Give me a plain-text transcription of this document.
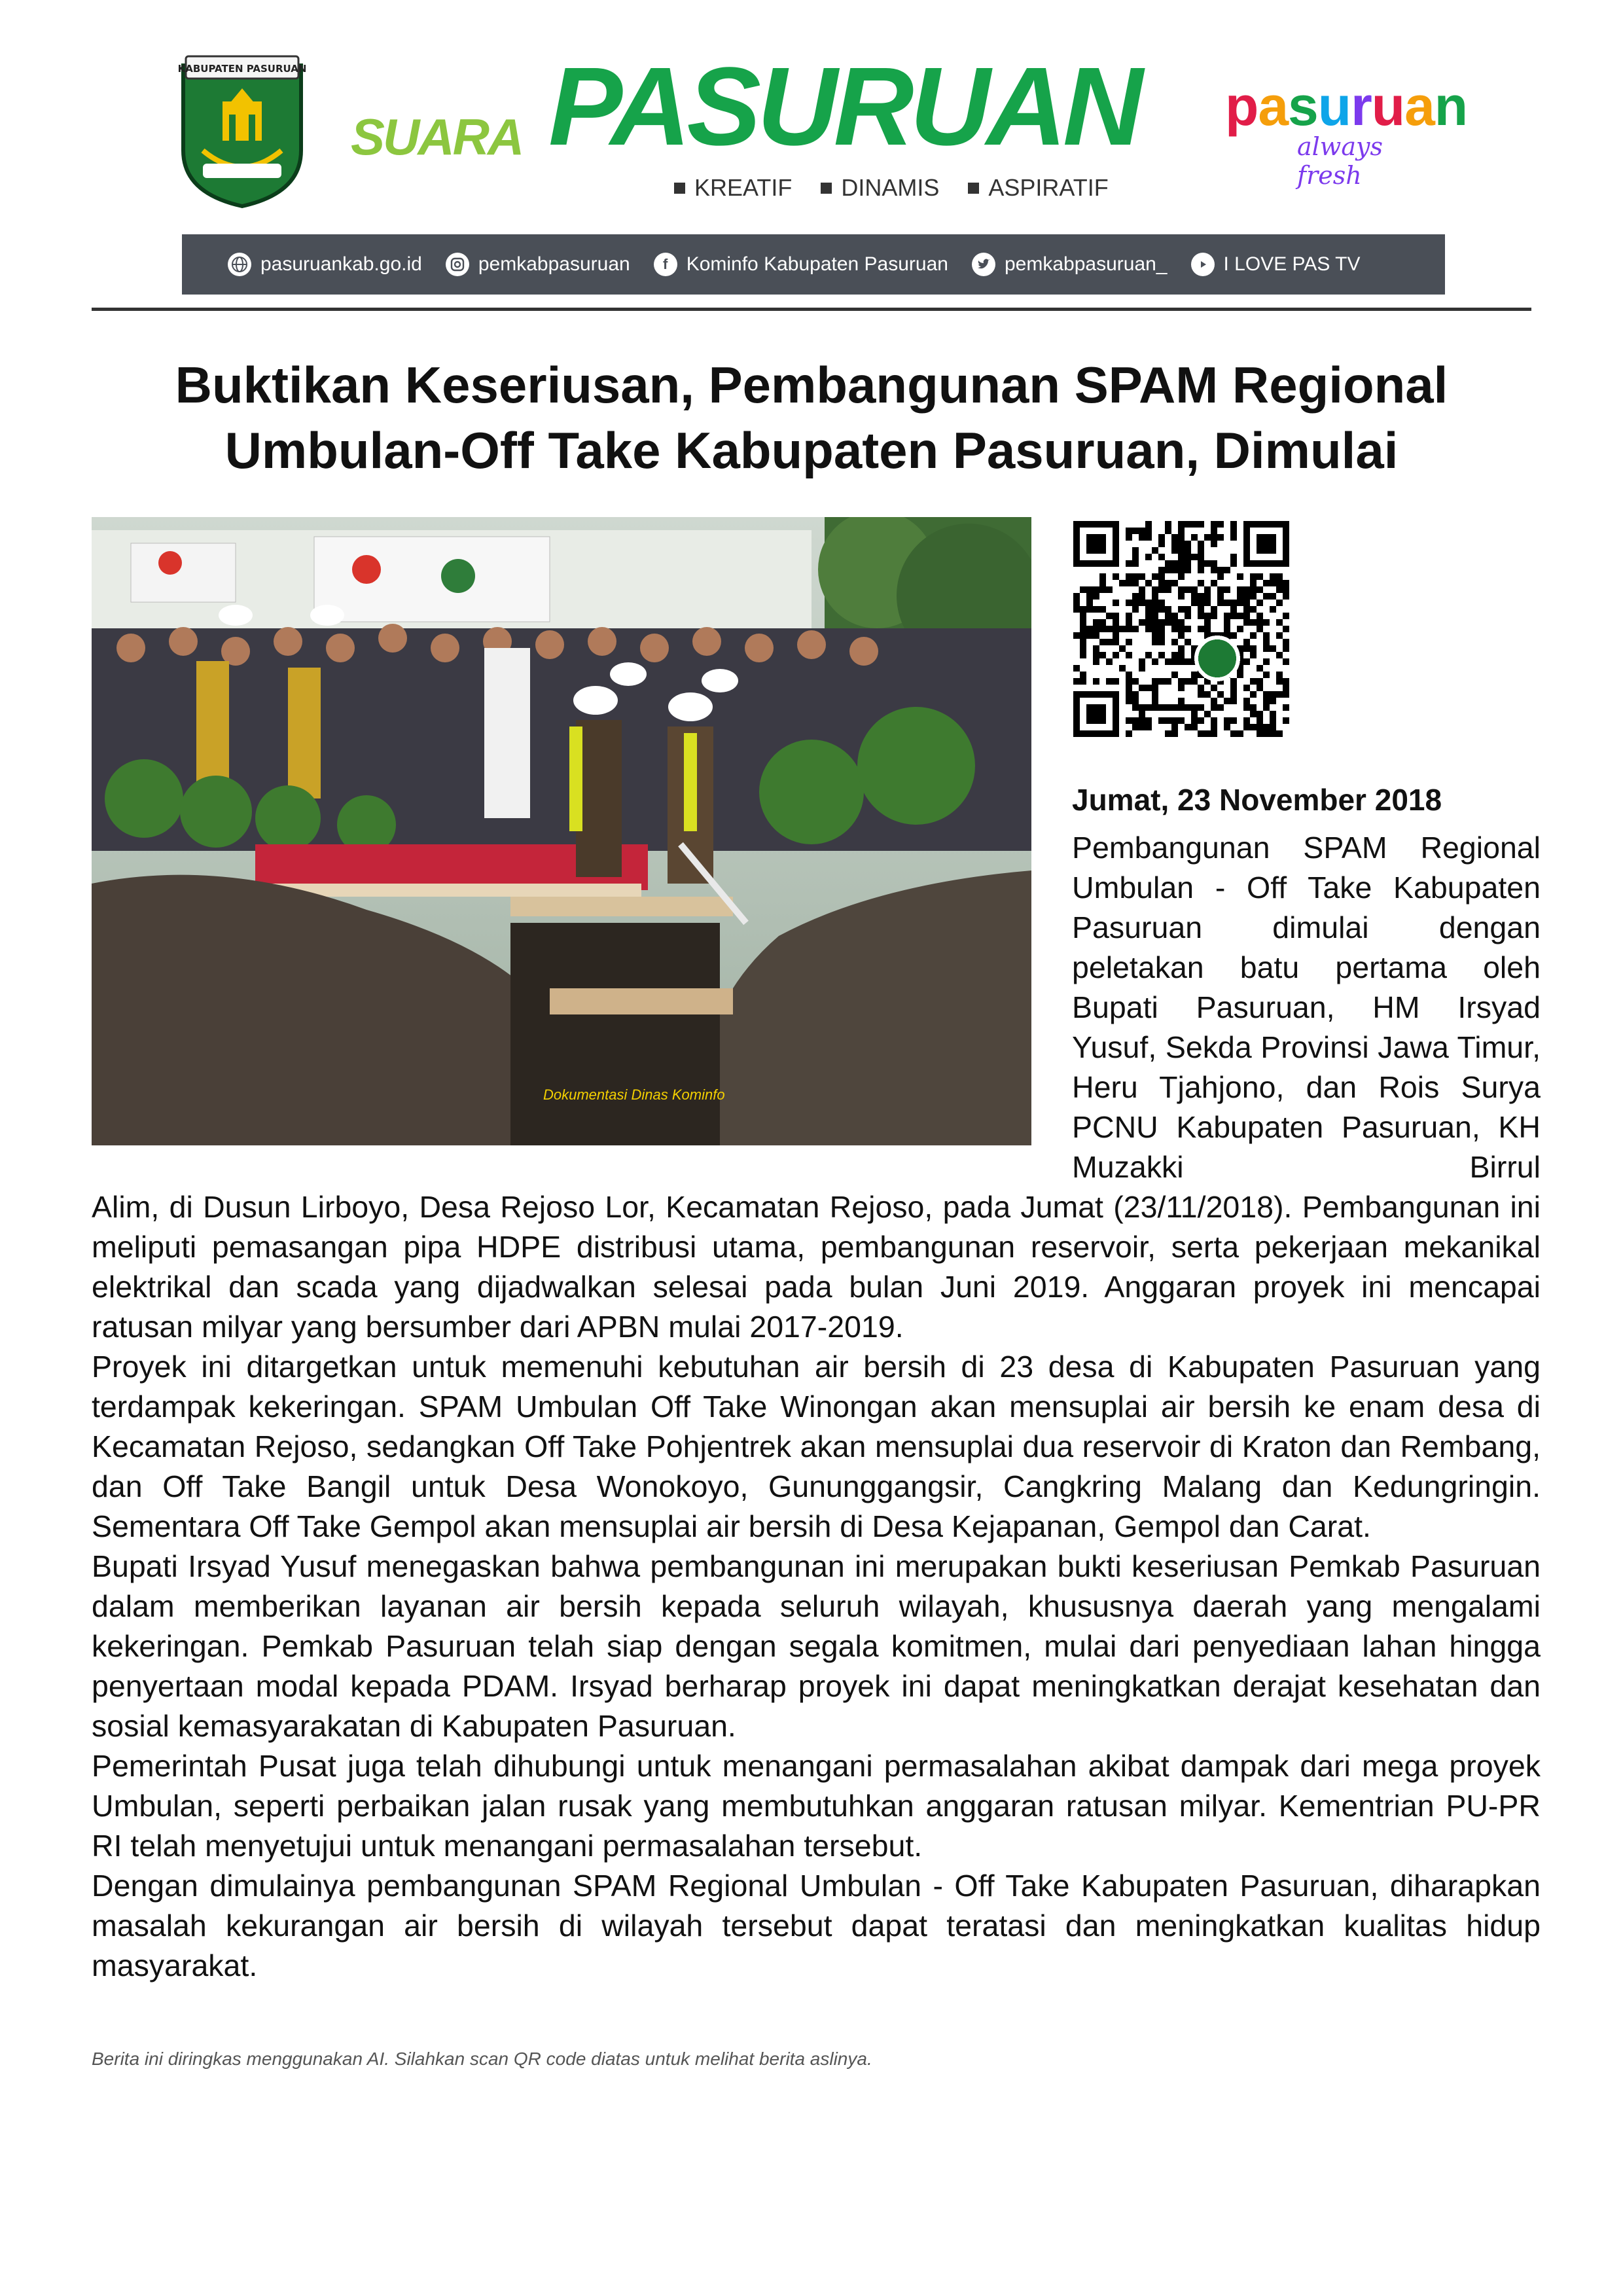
KABUPATEN PASURUAN
SUARA PASURUAN
KREATIF DINAMIS ASPIRATIF
pasuruan
always fresh
pasuruankab.go.id	pemkabpasuruan	f Kominfo Kabupaten Pasuruan	pemkabpasuruan_	I LOVE PAS TV
Buktikan Keseriusan, Pembangunan SPAM Regional Umbulan-Off Take Kabupaten Pasuruan, Dimulai
Dokumentasi Dinas Kominfo
Jumat, 23 November 2018

Pembangunan SPAM Regional Umbulan - Off Take Kabupaten Pasuruan dimulai dengan peletakan batu pertama oleh Bupati Pasuruan, HM Irsyad Yusuf, Sekda Provinsi Jawa Timur, Heru Tjahjono, dan Rois Surya PCNU Kabupaten Pasuruan, KH Muzakki Birrul

Alim, di Dusun Lirboyo, Desa Rejoso Lor, Kecamatan Rejoso, pada Jumat (23/11/2018). Pembangunan ini meliputi pemasangan pipa HDPE distribusi utama, pembangunan reservoir, serta pekerjaan mekanikal elektrikal dan scada yang dijadwalkan selesai pada bulan Juni 2019. Anggaran proyek ini mencapai ratusan milyar yang bersumber dari APBN mulai 2017-2019.

Proyek ini ditargetkan untuk memenuhi kebutuhan air bersih di 23 desa di Kabupaten Pasuruan yang terdampak kekeringan. SPAM Umbulan Off Take Winongan akan mensuplai air bersih ke enam desa di Kecamatan Rejoso, sedangkan Off Take Pohjentrek akan mensuplai dua reservoir di Kraton dan Rembang, dan Off Take Bangil untuk Desa Wonokoyo, Gununggangsir, Cangkring Malang dan Kedungringin. Sementara Off Take Gempol akan mensuplai air bersih di Desa Kejapanan, Gempol dan Carat.

Bupati Irsyad Yusuf menegaskan bahwa pembangunan ini merupakan bukti keseriusan Pemkab Pasuruan dalam memberikan layanan air bersih kepada seluruh wilayah, khususnya daerah yang mengalami kekeringan. Pemkab Pasuruan telah siap dengan segala komitmen, mulai dari penyediaan lahan hingga penyertaan modal kepada PDAM. Irsyad berharap proyek ini dapat meningkatkan derajat kesehatan dan sosial kemasyarakatan di Kabupaten Pasuruan.

Pemerintah Pusat juga telah dihubungi untuk menangani permasalahan akibat dampak dari mega proyek Umbulan, seperti perbaikan jalan rusak yang membutuhkan anggaran ratusan milyar. Kementrian PU-PR RI telah menyetujui untuk menangani permasalahan tersebut.

Dengan dimulainya pembangunan SPAM Regional Umbulan - Off Take Kabupaten Pasuruan, diharapkan masalah kekurangan air bersih di wilayah tersebut dapat teratasi dan meningkatkan kualitas hidup masyarakat.

Berita ini diringkas menggunakan AI. Silahkan scan QR code diatas untuk melihat berita aslinya.
